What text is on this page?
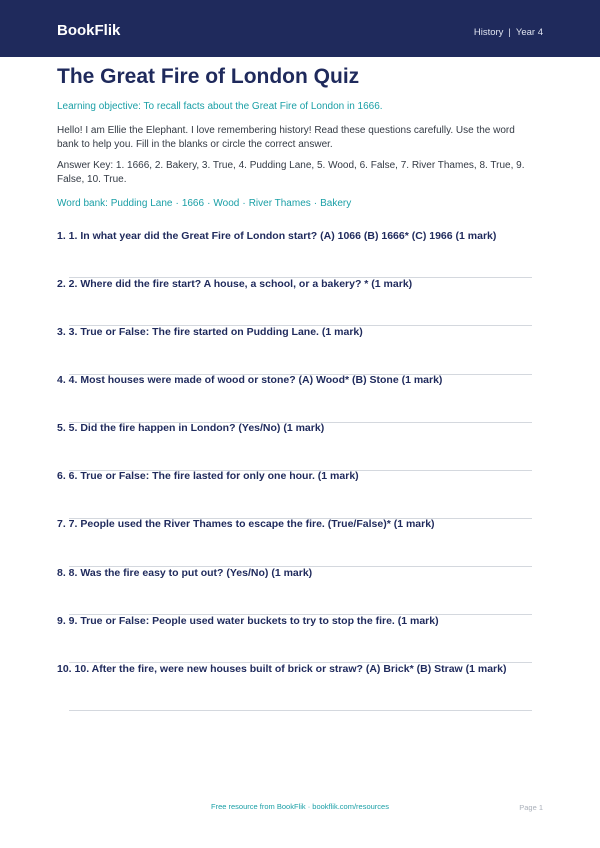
BookFlik	History | Year 4
The Great Fire of London Quiz
Learning objective: To recall facts about the Great Fire of London in 1666.
Hello! I am Ellie the Elephant. I love remembering history! Read these questions carefully. Use the word bank to help you. Fill in the blanks or circle the correct answer.
Answer Key: 1. 1666, 2. Bakery, 3. True, 4. Pudding Lane, 5. Wood, 6. False, 7. River Thames, 8. True, 9. False, 10. True.
Word bank: Pudding Lane · 1666 · Wood · River Thames · Bakery
1. 1. In what year did the Great Fire of London start? (A) 1066 (B) 1666* (C) 1966 (1 mark)
2. 2. Where did the fire start? A house, a school, or a bakery? * (1 mark)
3. 3. True or False: The fire started on Pudding Lane. (1 mark)
4. 4. Most houses were made of wood or stone? (A) Wood* (B) Stone (1 mark)
5. 5. Did the fire happen in London? (Yes/No) (1 mark)
6. 6. True or False: The fire lasted for only one hour. (1 mark)
7. 7. People used the River Thames to escape the fire. (True/False)* (1 mark)
8. 8. Was the fire easy to put out? (Yes/No) (1 mark)
9. 9. True or False: People used water buckets to try to stop the fire. (1 mark)
10. 10. After the fire, were new houses built of brick or straw? (A) Brick* (B) Straw (1 mark)
Free resource from BookFlik · bookflik.com/resources	Page 1
